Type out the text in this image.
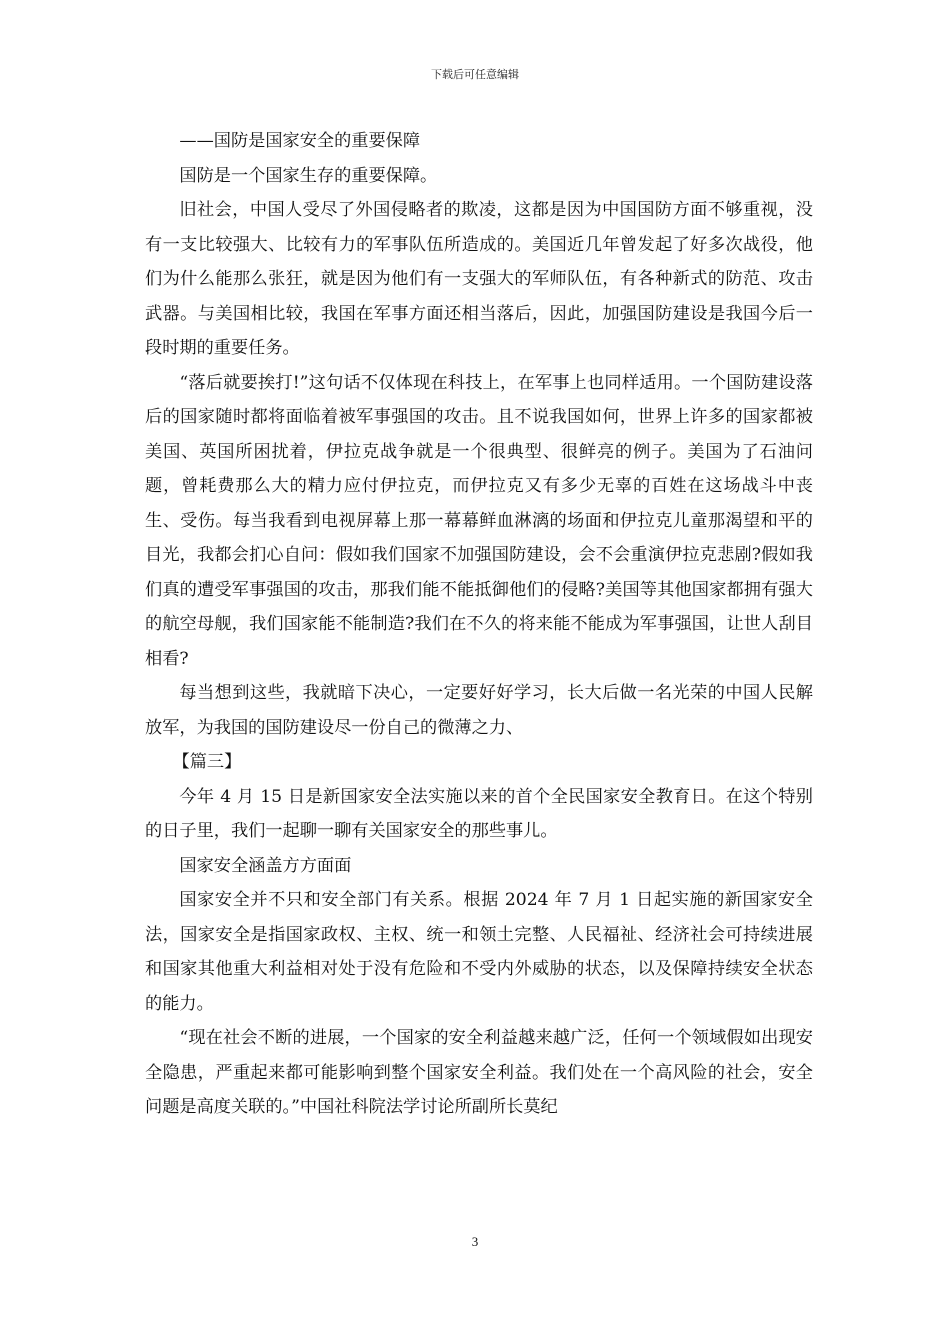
下载后可任意编辑

——国防是国家安全的重要保障

国防是一个国家生存的重要保障。

旧社会，中国人受尽了外国侵略者的欺凌，这都是因为中国国防方面不够重视，没有一支比较强大、比较有力的军事队伍所造成的。美国近几年曾发起了好多次战役，他们为什么能那么张狂，就是因为他们有一支强大的军师队伍，有各种新式的防范、攻击武器。与美国相比较，我国在军事方面还相当落后，因此，加强国防建设是我国今后一段时期的重要任务。

“落后就要挨打!”这句话不仅体现在科技上，在军事上也同样适用。一个国防建设落后的国家随时都将面临着被军事强国的攻击。且不说我国如何，世界上许多的国家都被美国、英国所困扰着，伊拉克战争就是一个很典型、很鲜亮的例子。美国为了石油问题，曾耗费那么大的精力应付伊拉克，而伊拉克又有多少无辜的百姓在这场战斗中丧生、受伤。每当我看到电视屏幕上那一幕幕鲜血淋漓的场面和伊拉克儿童那渴望和平的目光，我都会扪心自问：假如我们国家不加强国防建设，会不会重演伊拉克悲剧?假如我们真的遭受军事强国的攻击，那我们能不能抵御他们的侵略?美国等其他国家都拥有强大的航空母舰，我们国家能不能制造?我们在不久的将来能不能成为军事强国，让世人刮目相看?

每当想到这些，我就暗下决心，一定要好好学习，长大后做一名光荣的中国人民解放军，为我国的国防建设尽一份自己的微薄之力、

【篇三】

今年 4 月 15 日是新国家安全法实施以来的首个全民国家安全教育日。在这个特别的日子里，我们一起聊一聊有关国家安全的那些事儿。

国家安全涵盖方方面面

国家安全并不只和安全部门有关系。根据 2024 年 7 月 1 日起实施的新国家安全法，国家安全是指国家政权、主权、统一和领土完整、人民福祉、经济社会可持续进展和国家其他重大利益相对处于没有危险和不受内外威胁的状态，以及保障持续安全状态的能力。

“现在社会不断的进展，一个国家的安全利益越来越广泛，任何一个领域假如出现安全隐患，严重起来都可能影响到整个国家安全利益。我们处在一个高风险的社会，安全问题是高度关联的。”中国社科院法学讨论所副所长莫纪

3
